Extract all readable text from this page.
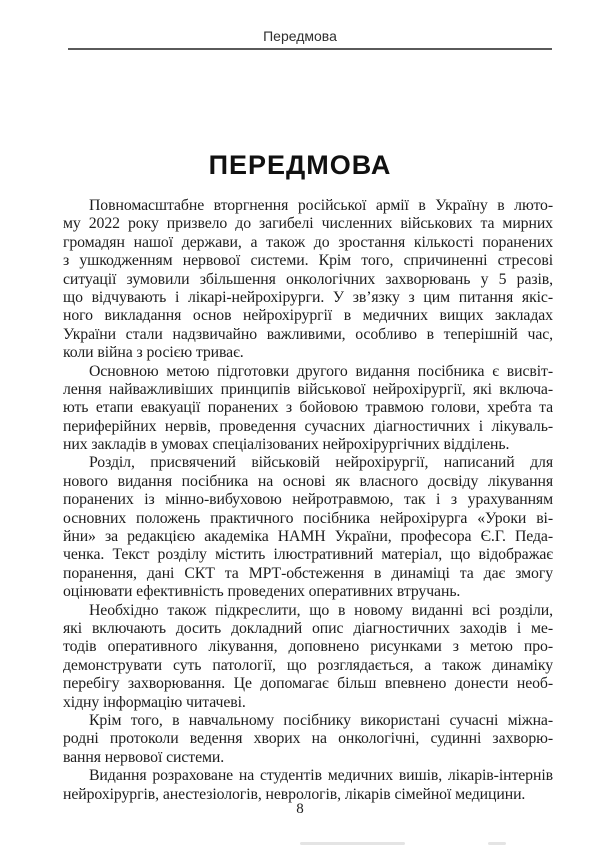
Передмова
ПЕРЕДМОВА
Повномасштабне вторгнення російської армії в Україну в люто-
му 2022 року призвело до загибелі численних військових та мирних
громадян нашої держави, а також до зростання кількості поранених
з ушкодженням нервової системи. Крім того, спричиненні стресові
ситуації зумовили збільшення онкологічних захворювань у 5 разів,
що відчувають і лікарі-нейрохірурги. У зв’язку з цим питання якіс-
ного викладання основ нейрохірургії в медичних вищих закладах
України стали надзвичайно важливими, особливо в теперішній час,
коли війна з росією триває.
Основною метою підготовки другого видання посібника є висвіт-
лення найважливіших принципів військової нейрохірургії, які включа-
ють етапи евакуації поранених з бойовою травмою голови, хребта та
периферійних нервів, проведення сучасних діагностичних і лікуваль-
них закладів в умовах спеціалізованих нейрохірургічних відділень.
Розділ, присвячений військовій нейрохірургії, написаний для
нового видання посібника на основі як власного досвіду лікування
поранених із мінно-вибуховою нейротравмою, так і з урахуванням
основних положень практичного посібника нейрохірурга «Уроки ві-
йни» за редакцією академіка НАМН України, професора Є.Г. Педа-
ченка. Текст розділу містить ілюстративний матеріал, що відображає
поранення, дані СКТ та МРТ-обстеження в динаміці та дає змогу
оцінювати ефективність проведених оперативних втручань.
Необхідно також підкреслити, що в новому виданні всі розділи,
які включають досить докладний опис діагностичних заходів і ме-
тодів оперативного лікування, доповнено рисунками з метою про-
демонструвати суть патології, що розглядається, а також динаміку
перебігу захворювання. Це допомагає більш впевнено донести необ-
хідну інформацію читачеві.
Крім того, в навчальному посібнику використані сучасні міжна-
родні протоколи ведення хворих на онкологічні, судинні захворю-
вання нервової системи.
Видання розраховане на студентів медичних вишів, лікарів-інтернів
нейрохірургів, анестезіологів, неврологів, лікарів сімейної медицини.
8
